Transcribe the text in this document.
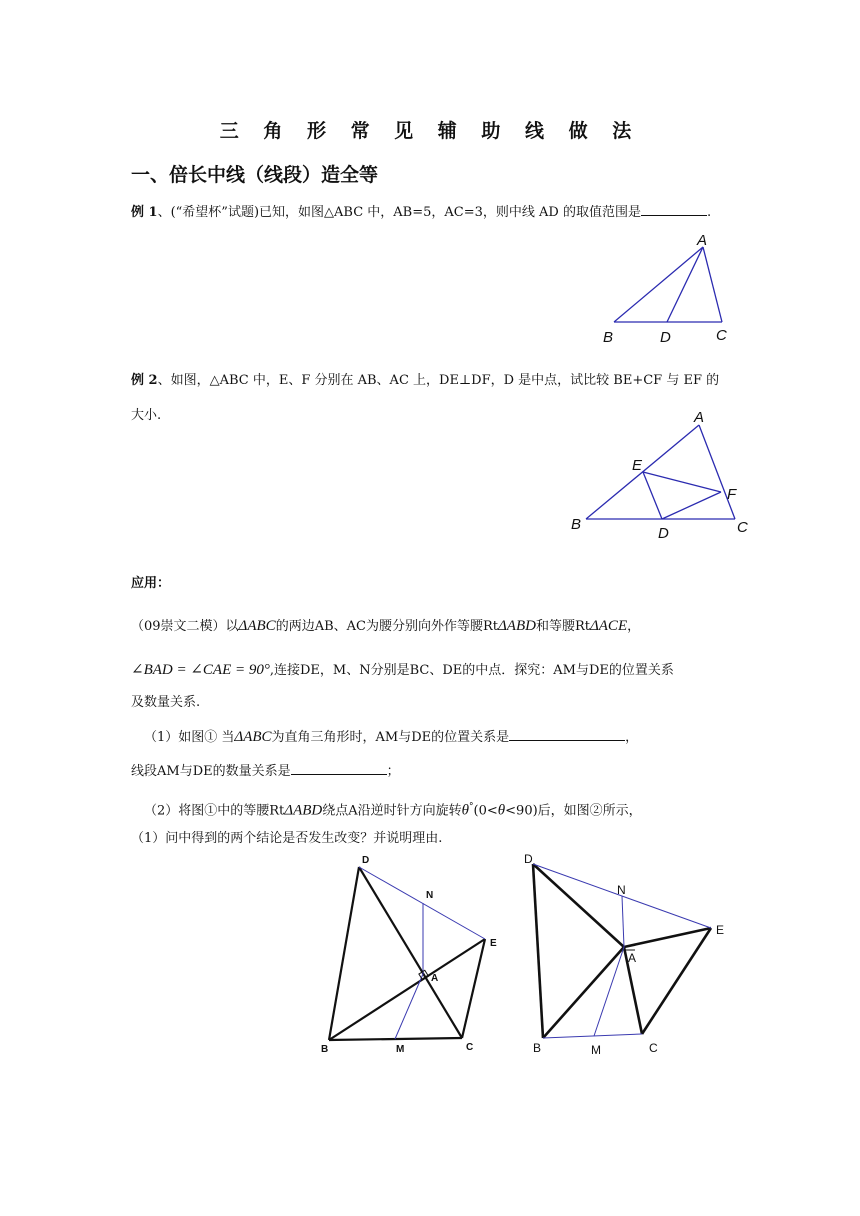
三 角 形 常 见 辅 助 线 做 法
一、倍长中线（线段）造全等
例 1、(“希望杯”试题)已知，如图△ABC 中，AB=5，AC=3，则中线 AD 的取值范围是	.
A
B	D	C
例 2、如图，△ABC 中，E、F 分别在 AB、AC 上，DE⊥DF，D 是中点，试比较 BE+CF 与 EF 的
大小.	A
E
F
B
D	C
应用：
（09崇文二模）以ΔABC的两边AB、AC为腰分别向外作等腰RtΔABD和等腰RtΔACE，
∠BAD = ∠CAE = 90°,连接DE，M、N分别是BC、DE的中点．探究：AM与DE的位置关系
及数量关系.
（1）如图① 当ΔABC为直角三角形时，AM与DE的位置关系是	，
线段AM与DE的数量关系是	；
（2）将图①中的等腰RtΔABD绕点A沿逆时针方向旋转θ°(0<θ<90)后，如图②所示，
（1）问中得到的两个结论是否发生改变？并说明理由.
D
N
E
A
B	M	C
D
N
E
A
B	M	C
